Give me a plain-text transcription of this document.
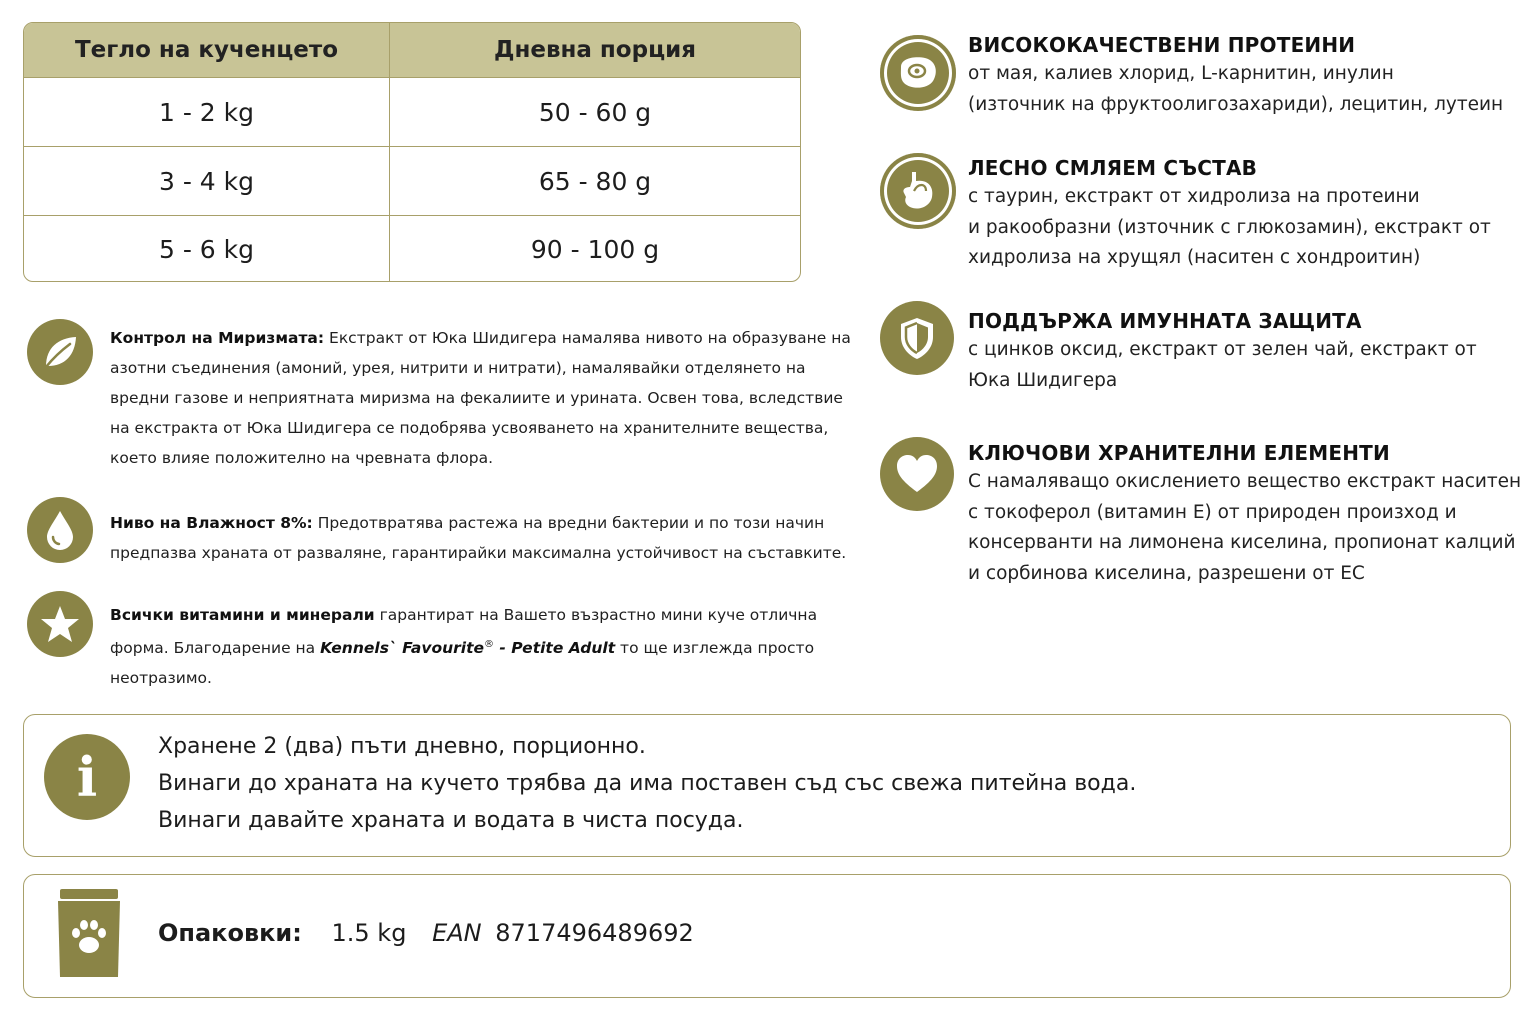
Тегло на кученцето	Дневна порция
1 - 2 kg	50 - 60 g
3 - 4 kg	65 - 80 g
5 - 6 kg	90 - 100 g
Контрол на Миризмата: Екстракт от Юка Шидигера намалява нивото на образуване на азотни съединения (амоний, урея, нитрити и нитрати), намалявайки отделянето на вредни газове и неприятната миризма на фекалиите и урината. Освен това, вследствие на екстракта от Юка Шидигера се подобрява усвояването на хранителните вещества, което влияе положително на чревната флора.
Ниво на Влажност 8%: Предотвратява растежа на вредни бактерии и по този начин предпазва храната от разваляне, гарантирайки максимална устойчивост на съставките.
Всички витамини и минерали гарантират на Вашето възрастно мини куче отлична форма. Благодарение на Kennels` Favourite® - Petite Adult то ще изглежда просто неотразимо.
ВИСОКОКАЧЕСТВЕНИ ПРОТЕИНИ
от мая, калиев хлорид, L-карнитин, инулин
(източник на фруктоолигозахариди), лецитин, лутеин
ЛЕСНО СМЛЯЕМ СЪСТАВ
с таурин, екстракт от хидролиза на протеини
и ракообразни (източник с глюкозамин), екстракт от
хидролиза на хрущял (наситен с хондроитин)
ПОДДЪРЖА ИМУННАТА ЗАЩИТА
с цинков оксид, екстракт от зелен чай, екстракт от
Юка Шидигера
КЛЮЧОВИ ХРАНИТЕЛНИ ЕЛЕМЕНТИ
С намаляващо окислението вещество екстракт наситен
с токоферол (витамин Е) от природен произход и
консерванти на лимонена киселина, пропионат калций
и сорбинова киселина, разрешени от ЕС
i	Хранене 2 (два) пъти дневно, порционно.
Винаги до храната на кучето трябва да има поставен съд със свежа питейна вода.
Винаги давайте храната и водата в чиста посуда.
Опаковки: 1.5 kg EAN 8717496489692
